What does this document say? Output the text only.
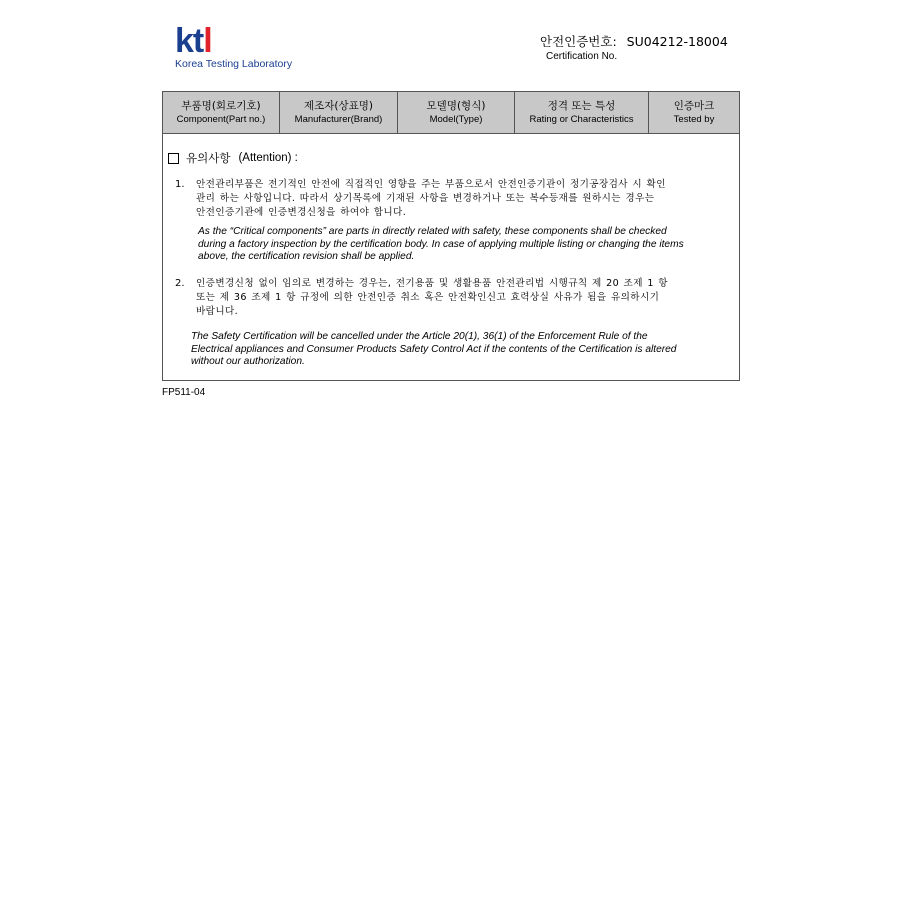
ktl
Korea Testing Laboratory
안전인증번호: SU04212-18004
Certification No.
부품명(회로기호)
Component(Part no.)
제조자(상표명)
Manufacturer(Brand)
모델명(형식)
Model(Type)
정격 또는 특성
Rating or Characteristics
인증마크
Tested by
유의사항 (Attention) :
1. 안전관리부품은 전기적인 안전에 직접적인 영향을 주는 부품으로서 안전인증기관이 정기공장검사 시 확인
관리 하는 사항입니다. 따라서 상기목록에 기재된 사항을 변경하거나 또는 복수등재를 원하시는 경우는
안전인증기관에 인증변경신청을 하여야 합니다.
As the “Critical components” are parts in directly related with safety, these components shall be checked
during a factory inspection by the certification body. In case of applying multiple listing or changing the items
above, the certification revision shall be applied.
2. 인증변경신청 없이 임의로 변경하는 경우는, 전기용품 및 생활용품 안전관리법 시행규칙 제 20 조제 1 항
또는 제 36 조제 1 항 규정에 의한 안전인증 취소 혹은 안전확인신고 효력상실 사유가 됨을 유의하시기
바랍니다.
The Safety Certification will be cancelled under the Article 20(1), 36(1) of the Enforcement Rule of the
Electrical appliances and Consumer Products Safety Control Act if the contents of the Certification is altered
without our authorization.
FP511-04
